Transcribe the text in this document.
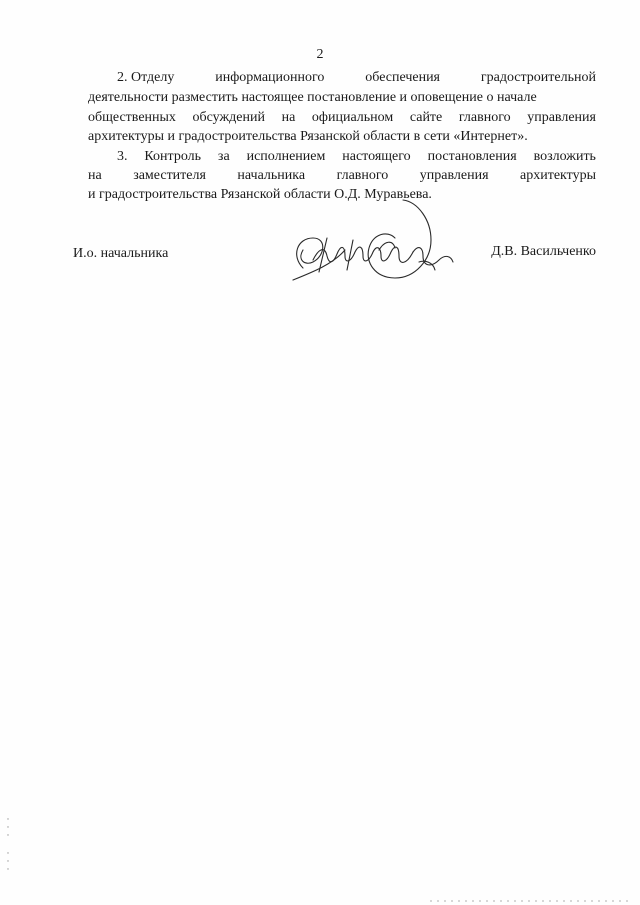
2
2. Отделу	информационного	обеспечения	градостроительной
деятельности разместить настоящее постановление и оповещение о начале
общественных обсуждений на официальном сайте главного управления
архитектуры и градостроительства Рязанской области в сети «Интернет».
3. Контроль за исполнением настоящего постановления возложить
на заместителя начальника главного управления архитектуры
и градостроительства Рязанской области О.Д. Муравьева.
И.о. начальника	Д.В. Васильченко
